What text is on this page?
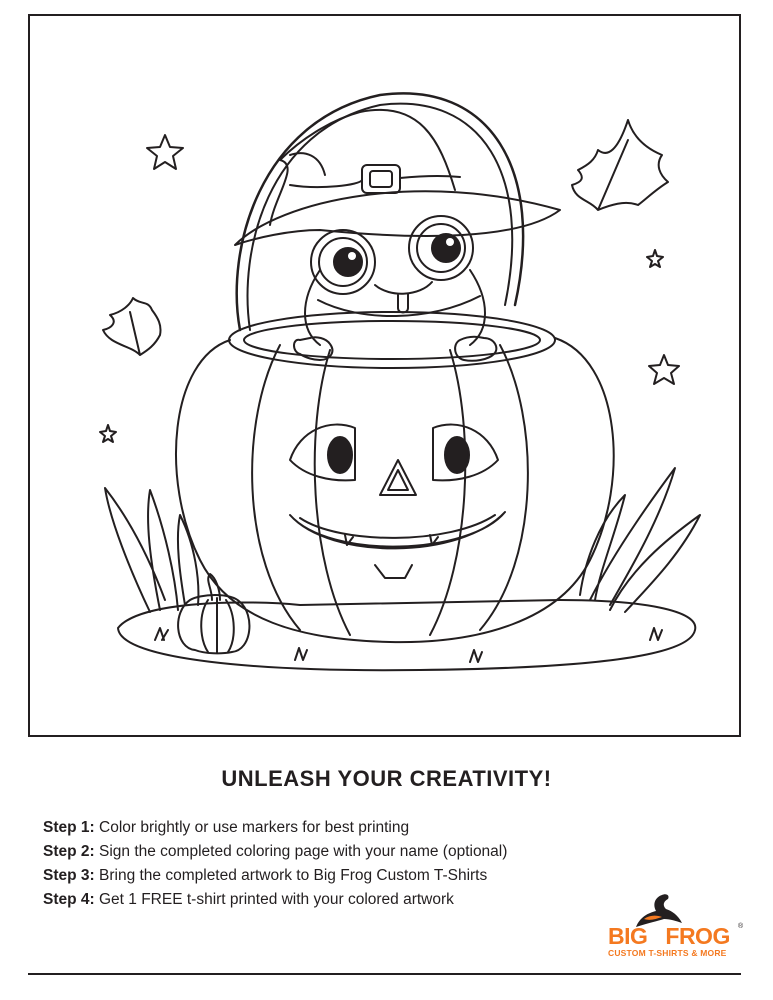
UNLEASH YOUR CREATIVITY!
Step 1: Color brightly or use markers for best printing
Step 2: Sign the completed coloring page with your name (optional)
Step 3: Bring the completed artwork to Big Frog Custom T-Shirts
Step 4: Get 1 FREE t-shirt printed with your colored artwork
BIG FROG ®
CUSTOM T-SHIRTS & MORE
